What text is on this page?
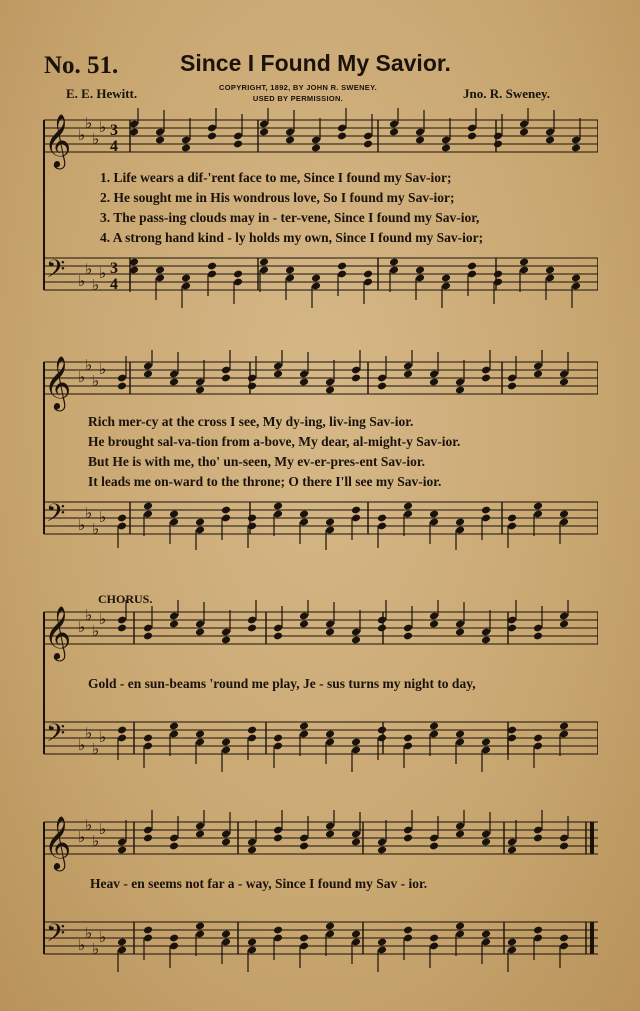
No. 51.	Since I Found My Savior.
E. E. Hewitt.	Jno. R. Sweney.
COPYRIGHT, 1892, BY JOHN R. SWENEY.
USED BY PERMISSION.
𝄞 ♭
♭
♭
♭ 3
4
𝄢 ♭
♭
♭
♭ 3
4
1. Life wears a dif-'rent face to me, Since I found my Sav-ior;
2. He sought me in His wondrous love, So I found my Sav-ior;
3. The pass-ing clouds may in - ter-vene, Since I found my Sav-ior,
4. A strong hand kind - ly holds my own, Since I found my Sav-ior;
𝄞 ♭
♭
♭
♭
𝄢 ♭
♭
♭
♭
Rich mer-cy at the cross I see, My dy-ing, liv-ing Sav-ior.
He brought sal-va-tion from a-bove, My dear, al-might-y Sav-ior.
But He is with me, tho' un-seen, My ev-er-pres-ent Sav-ior.
It leads me on-ward to the throne; O there I'll see my Sav-ior.
CHORUS.
𝄞 ♭
♭
♭
♭
𝄢 ♭
♭
♭
♭
Gold - en sun-beams 'round me play, Je - sus turns my night to day,
𝄞 ♭
♭
♭
♭
𝄢 ♭
♭
♭
♭
Heav - en seems not far a - way, Since I found my Sav - ior.
